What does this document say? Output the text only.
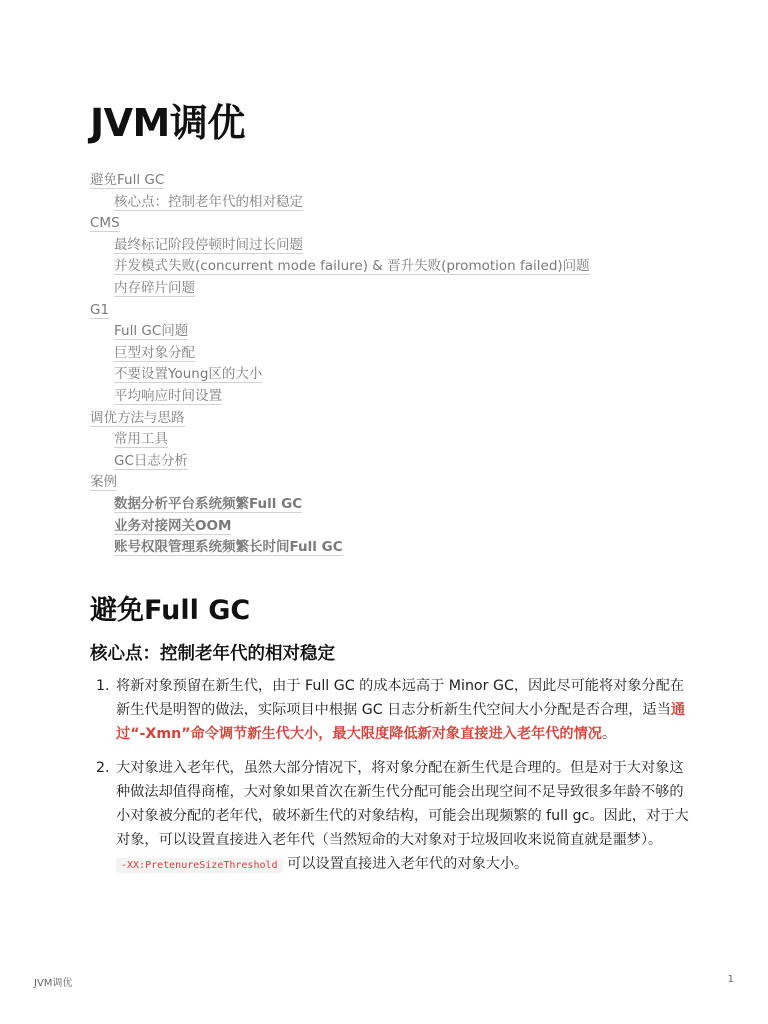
JVM调优
避免Full GC
核心点：控制老年代的相对稳定
CMS
最终标记阶段停顿时间过长问题
并发模式失败(concurrent mode failure) & 晋升失败(promotion failed)问题
内存碎片问题
G1
Full GC问题
巨型对象分配
不要设置Young区的大小
平均响应时间设置
调优方法与思路
常用工具
GC日志分析
案例
数据分析平台系统频繁Full GC
业务对接网关OOM
账号权限管理系统频繁长时间Full GC
避免Full GC
核心点：控制老年代的相对稳定
1. 将新对象预留在新生代，由于 Full GC 的成本远高于 Minor GC，因此尽可能将对象分配在新生代是明智的做法，实际项目中根据 GC 日志分析新生代空间大小分配是否合理，适当通过“-Xmn”命令调节新生代大小，最大限度降低新对象直接进入老年代的情况。
2. 大对象进入老年代，虽然大部分情况下，将对象分配在新生代是合理的。但是对于大对象这种做法却值得商榷，大对象如果首次在新生代分配可能会出现空间不足导致很多年龄不够的小对象被分配的老年代，破坏新生代的对象结构，可能会出现频繁的 full gc。因此，对于大对象，可以设置直接进入老年代（当然短命的大对象对于垃圾回收来说简直就是噩梦）。 -XX:PretenureSizeThreshold 可以设置直接进入老年代的对象大小。
JVM调优	1
